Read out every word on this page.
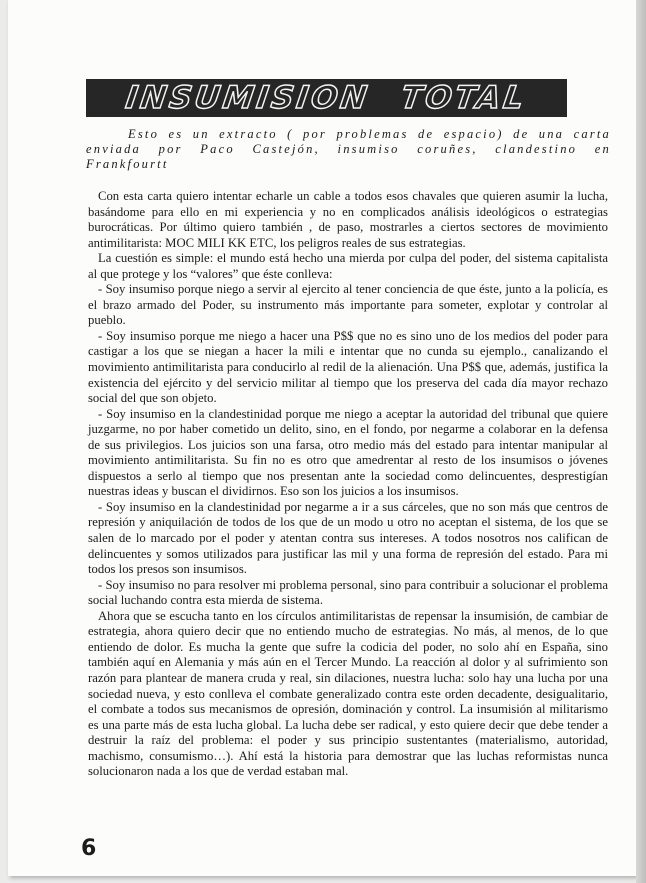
INSUMISION TOTAL

Esto es un extracto ( por problemas de espacio) de una carta enviada por Paco Castejón, insumiso coruñes, clandestino en Frankfourtt

Con esta carta quiero intentar echarle un cable a todos esos chavales que quieren asumir la lucha, basándome para ello en mi experiencia y no en complicados análisis ideológicos o estrategias burocráticas. Por último quiero también , de paso, mostrarles a ciertos sectores de movimiento antimilitarista: MOC MILI KK ETC, los peligros reales de sus estrategias.

La cuestión es simple: el mundo está hecho una mierda por culpa del poder, del sistema capitalista al que protege y los “valores” que éste conlleva:

- Soy insumiso porque niego a servir al ejercito al tener conciencia de que éste, junto a la policía, es el brazo armado del Poder, su instrumento más importante para someter, explotar y controlar al pueblo.

- Soy insumiso porque me niego a hacer una P$$ que no es sino uno de los medios del poder para castigar a los que se niegan a hacer la mili e intentar que no cunda su ejemplo., canalizando el movimiento antimilitarista para conducirlo al redil de la alienación. Una P$$ que, además, justifica la existencia del ejército y del servicio militar al tiempo que los preserva del cada día mayor rechazo social del que son objeto.

- Soy insumiso en la clandestinidad porque me niego a aceptar la autoridad del tribunal que quiere juzgarme, no por haber cometido un delito, sino, en el fondo, por negarme a colaborar en la defensa de sus privilegios. Los juicios son una farsa, otro medio más del estado para intentar manipular al movimiento antimilitarista. Su fin no es otro que amedrentar al resto de los insumisos o jóvenes dispuestos a serlo al tiempo que nos presentan ante la sociedad como delincuentes, desprestigían nuestras ideas y buscan el dividirnos. Eso son los juicios a los insumisos.

- Soy insumiso en la clandestinidad por negarme a ir a sus cárceles, que no son más que centros de represión y aniquilación de todos de los que de un modo u otro no aceptan el sistema, de los que se salen de lo marcado por el poder y atentan contra sus intereses. A todos nosotros nos califican de delincuentes y somos utilizados para justificar las mil y una forma de represión del estado. Para mi todos los presos son insumisos.

- Soy insumiso no para resolver mi problema personal, sino para contribuir a solucionar el problema social luchando contra esta mierda de sistema.

Ahora que se escucha tanto en los círculos antimilitaristas de repensar la insumisión, de cambiar de estrategia, ahora quiero decir que no entiendo mucho de estrategias. No más, al menos, de lo que entiendo de dolor. Es mucha la gente que sufre la codicia del poder, no solo ahí en España, sino también aquí en Alemania y más aún en el Tercer Mundo. La reacción al dolor y al sufrimiento son razón para plantear de manera cruda y real, sin dilaciones, nuestra lucha: solo hay una lucha por una sociedad nueva, y esto conlleva el combate generalizado contra este orden decadente, desigualitario, el combate a todos sus mecanismos de opresión, dominación y control. La insumisión al militarismo es una parte más de esta lucha global. La lucha debe ser radical, y esto quiere decir que debe tender a destruir la raíz del problema: el poder y sus principio sustentantes (materialismo, autoridad, machismo, consumismo…). Ahí está la historia para demostrar que las luchas reformistas nunca solucionaron nada a los que de verdad estaban mal.

6
